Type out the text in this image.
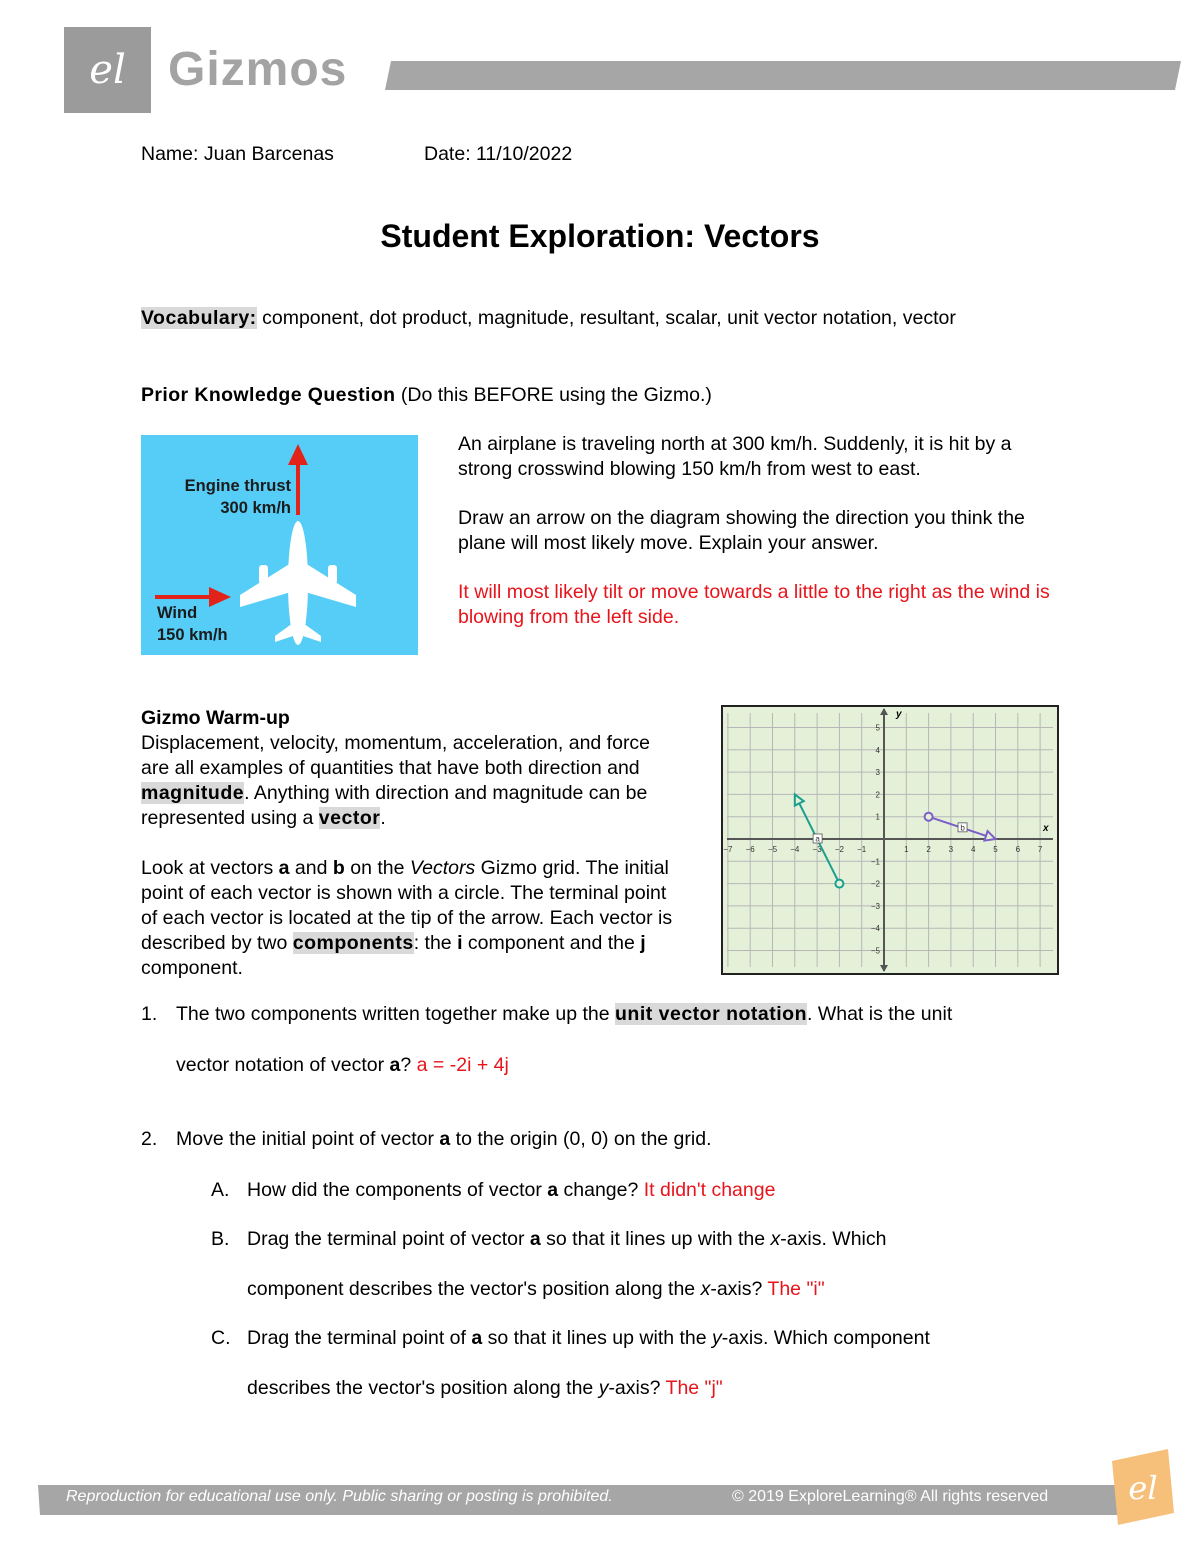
el Gizmos
Name: Juan Barcenas	Date: 11/10/2022
Student Exploration: Vectors
Vocabulary: component, dot product, magnitude, resultant, scalar, unit vector notation, vector
Prior Knowledge Question (Do this BEFORE using the Gizmo.)
Engine thrust
300 km/h
Wind
150 km/h
An airplane is traveling north at 300 km/h. Suddenly, it is hit by a strong crosswind blowing 150 km/h from west to east.
Draw an arrow on the diagram showing the direction you think the plane will most likely move. Explain your answer.
It will most likely tilt or move towards a little to the right as the wind is blowing from the left side.
Gizmo Warm-up
Displacement, velocity, momentum, acceleration, and force are all examples of quantities that have both direction and magnitude. Anything with direction and magnitude can be represented using a vector.
Look at vectors a and b on the Vectors Gizmo grid. The initial point of each vector is shown with a circle. The terminal point of each vector is located at the tip of the arrow. Each vector is described by two components: the i component and the j component.
x
y
−7 −6 −5 −4 −3 −2 −1	1 2 3 4 5 6 7
5
4
3
2
1
−1
−2
−3
−4
−5
a
b
1. The two components written together make up the unit vector notation. What is the unit
vector notation of vector a? a = -2i + 4j
2. Move the initial point of vector a to the origin (0, 0) on the grid.
A. How did the components of vector a change? It didn't change
B. Drag the terminal point of vector a so that it lines up with the x-axis. Which
component describes the vector's position along the x-axis? The "i"
C. Drag the terminal point of a so that it lines up with the y-axis. Which component
describes the vector's position along the y-axis? The "j"
Reproduction for educational use only. Public sharing or posting is prohibited.	© 2019 ExploreLearning® All rights reserved	el
